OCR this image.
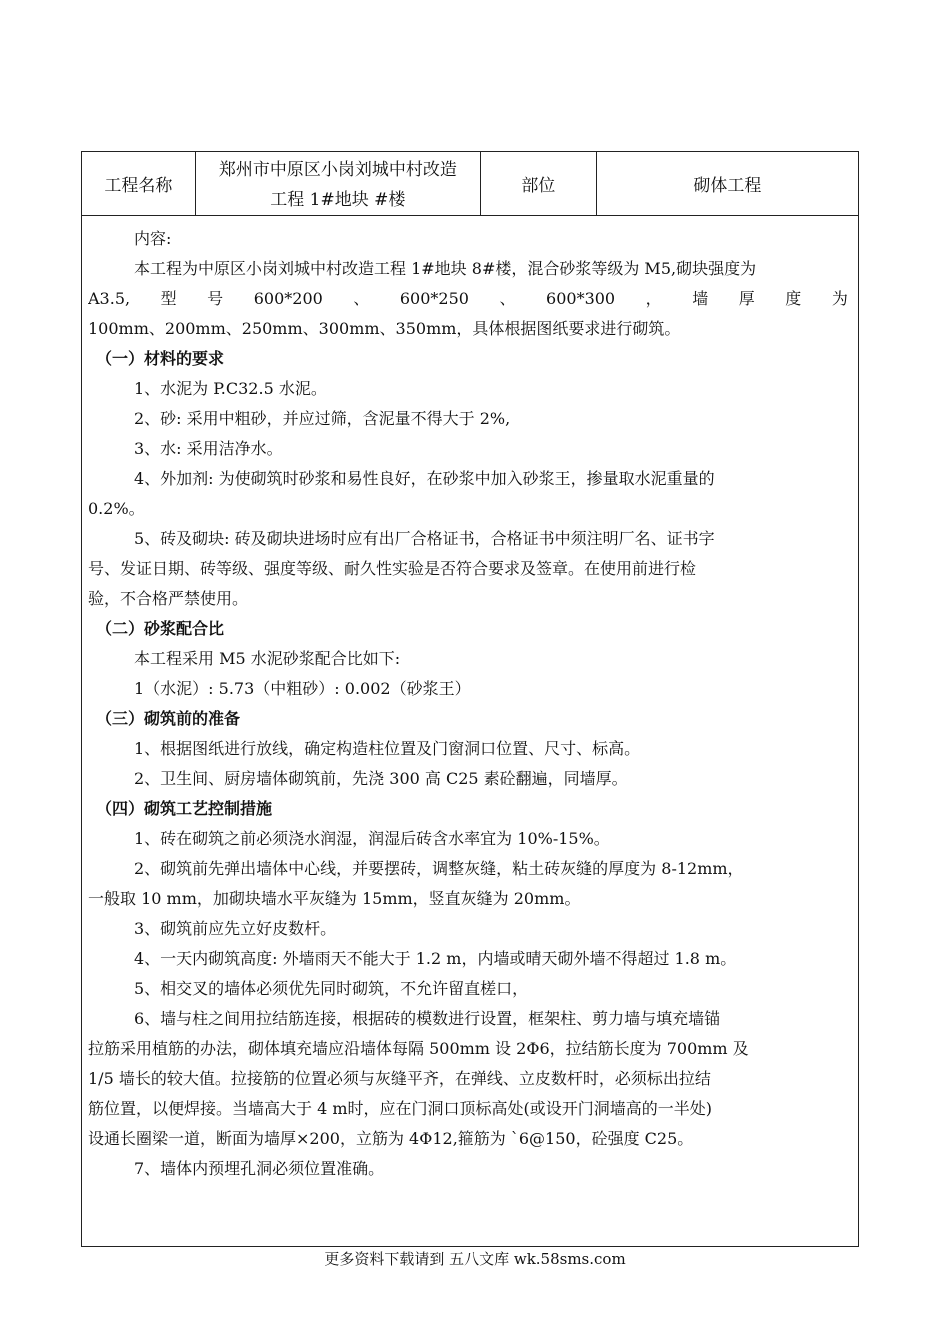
工程名称
郑州市中原区小岗刘城中村改造
工程 1#地块 #楼
部位	砌体工程
内容:
本工程为中原区小岗刘城中村改造工程 1#地块 8#楼，混合砂浆等级为 M5,砌块强度为
A3.5, 型 号 600*200 、 600*250 、 600*300 ， 墙 厚 度 为
100mm、200mm、250mm、300mm、350mm，具体根据图纸要求进行砌筑。
（一）材料的要求
1、水泥为 P.C32.5 水泥。
2、砂: 采用中粗砂，并应过筛，含泥量不得大于 2%,
3、水: 采用洁净水。
4、外加剂: 为使砌筑时砂浆和易性良好，在砂浆中加入砂浆王，掺量取水泥重量的
0.2%。
5、砖及砌块: 砖及砌块进场时应有出厂合格证书，合格证书中须注明厂名、证书字
号、发证日期、砖等级、强度等级、耐久性实验是否符合要求及签章。在使用前进行检
验，不合格严禁使用。
（二）砂浆配合比
本工程采用 M5 水泥砂浆配合比如下:
1（水泥）: 5.73（中粗砂）: 0.002（砂浆王）
（三）砌筑前的准备
1、根据图纸进行放线，确定构造柱位置及门窗洞口位置、尺寸、标高。
2、卫生间、厨房墙体砌筑前，先浇 300 高 C25 素砼翻遍，同墙厚。
（四）砌筑工艺控制措施
1、砖在砌筑之前必须浇水润湿，润湿后砖含水率宜为 10%-15%。
2、砌筑前先弹出墙体中心线，并要摆砖，调整灰缝，粘土砖灰缝的厚度为 8-12mm，
一般取 10 mm，加砌块墙水平灰缝为 15mm，竖直灰缝为 20mm。
3、砌筑前应先立好皮数杆。
4、一天内砌筑高度: 外墙雨天不能大于 1.2 m，内墙或晴天砌外墙不得超过 1.8 m。
5、相交叉的墙体必须优先同时砌筑，不允许留直槎口，
6、墙与柱之间用拉结筋连接，根据砖的模数进行设置，框架柱、剪力墙与填充墙锚
拉筋采用植筋的办法，砌体填充墙应沿墙体每隔 500mm 设 2Φ6，拉结筋长度为 700mm 及
1/5 墙长的较大值。拉接筋的位置必须与灰缝平齐，在弹线、立皮数杆时，必须标出拉结
筋位置，以便焊接。当墙高大于 4 m时，应在门洞口顶标高处(或设开门洞墙高的一半处)
设通长圈梁一道，断面为墙厚×200，立筋为 4Φ12,箍筋为 `6@150，砼强度 C25。
7、墙体内预埋孔洞必须位置准确。
更多资料下载请到 五八文库 wk.58sms.com
